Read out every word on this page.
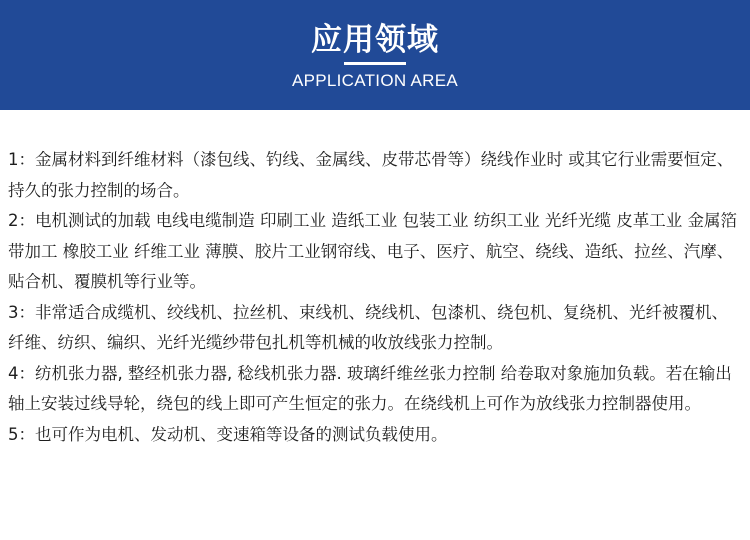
应用领域
APPLICATION AREA

1：金属材料到纤维材料（漆包线、钓线、金属线、皮带芯骨等）绕线作业时 或其它行业需要恒定、持久的张力控制的场合。

2：电机测试的加载 电线电缆制造 印刷工业 造纸工业 包装工业 纺织工业 光纤光缆 皮革工业 金属箔带加工 橡胶工业 纤维工业 薄膜、胶片工业钢帘线、电子、医疗、航空、绕线、造纸、拉丝、汽摩、贴合机、覆膜机等行业等。

3：非常适合成缆机、绞线机、拉丝机、束线机、绕线机、包漆机、绕包机、复绕机、光纤被覆机、纤维、纺织、编织、光纤光缆纱带包扎机等机械的收放线张力控制。

4：纺机张力器, 整经机张力器, 稔线机张力器. 玻璃纤维丝张力控制 给卷取对象施加负载。若在输出轴上安装过线导轮，绕包的线上即可产生恒定的张力。在绕线机上可作为放线张力控制器使用。

5：也可作为电机、发动机、变速箱等设备的测试负载使用。
